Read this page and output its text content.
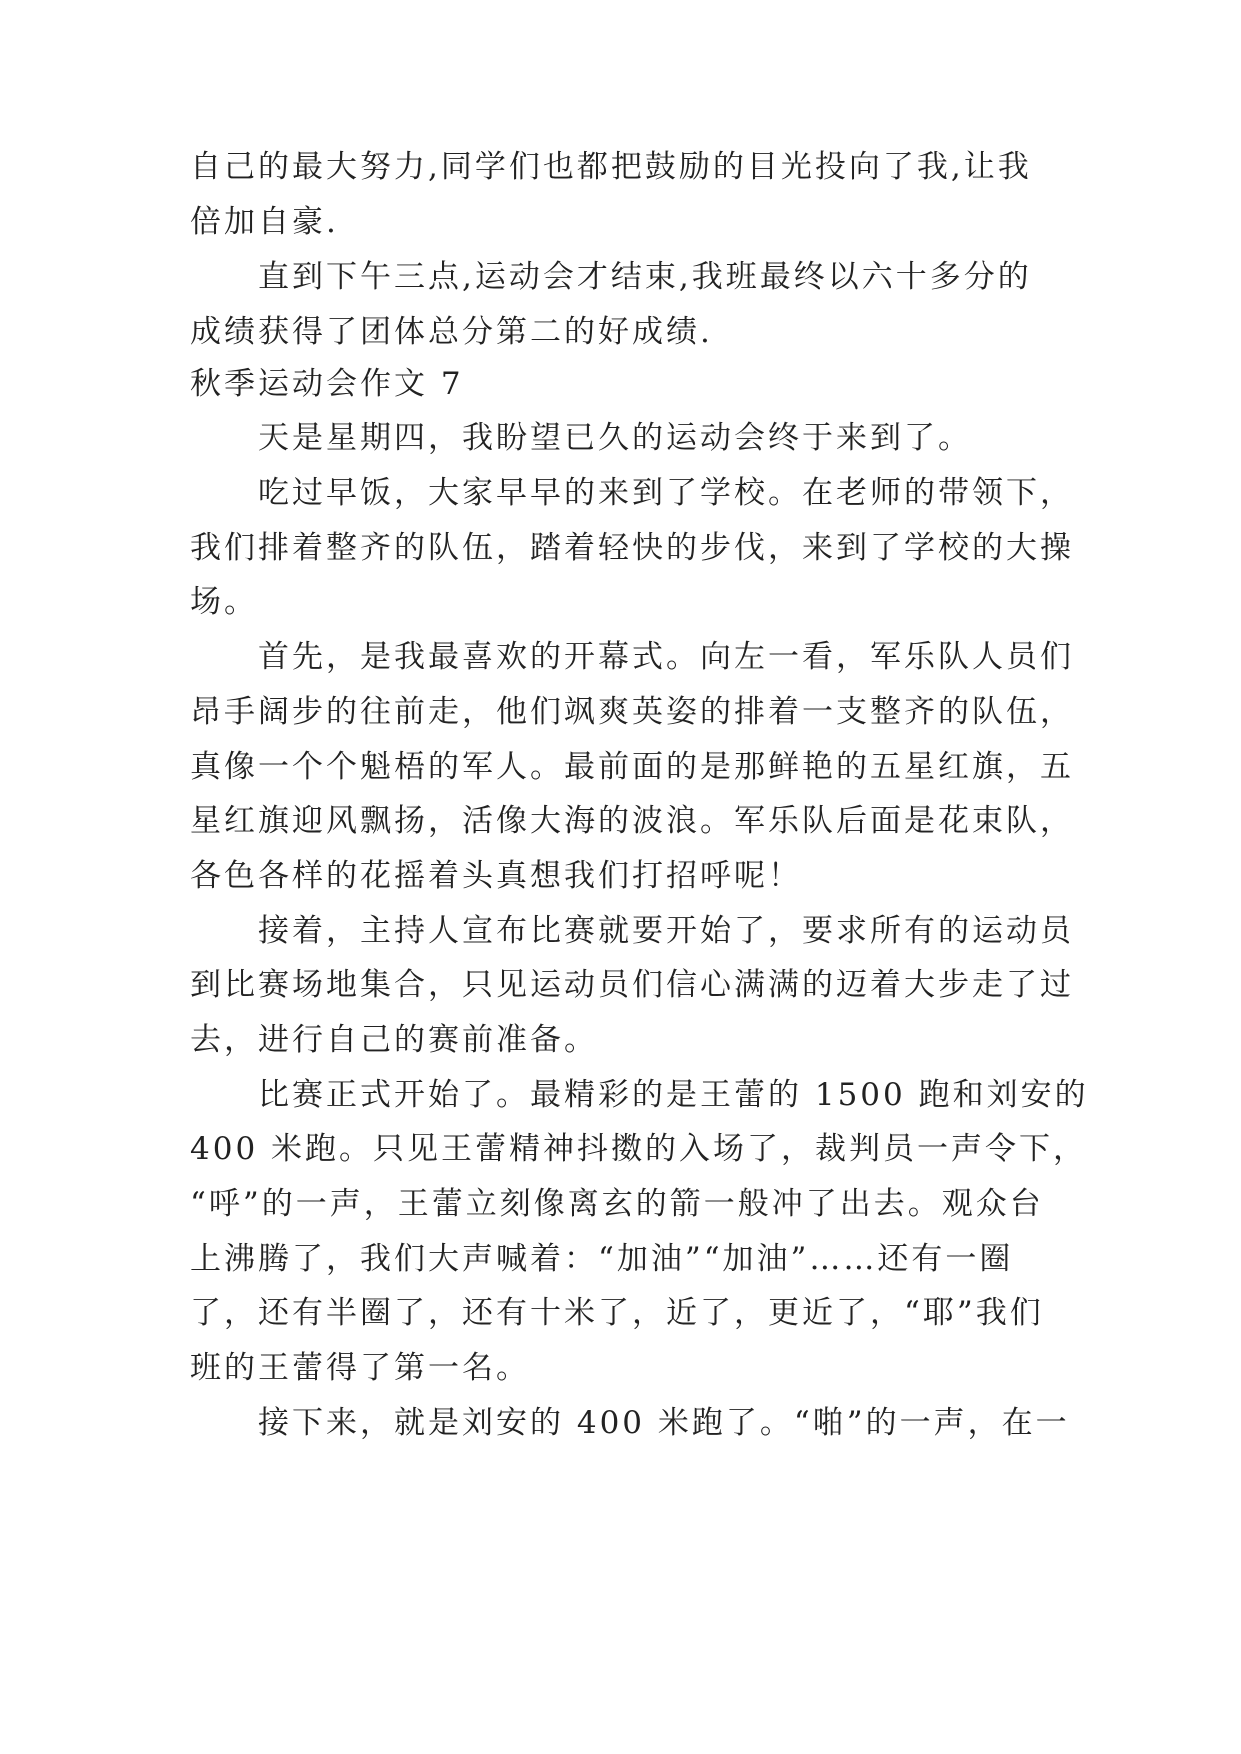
自己的最大努力,同学们也都把鼓励的目光投向了我,让我
倍加自豪.
直到下午三点,运动会才结束,我班最终以六十多分的
成绩获得了团体总分第二的好成绩.
秋季运动会作文 7
天是星期四，我盼望已久的运动会终于来到了。
吃过早饭，大家早早的来到了学校。在老师的带领下，
我们排着整齐的队伍，踏着轻快的步伐，来到了学校的大操
场。
首先，是我最喜欢的开幕式。向左一看，军乐队人员们
昂手阔步的往前走，他们飒爽英姿的排着一支整齐的队伍，
真像一个个魁梧的军人。最前面的是那鲜艳的五星红旗，五
星红旗迎风飘扬，活像大海的波浪。军乐队后面是花束队，
各色各样的花摇着头真想我们打招呼呢！
接着，主持人宣布比赛就要开始了，要求所有的运动员
到比赛场地集合，只见运动员们信心满满的迈着大步走了过
去，进行自己的赛前准备。
比赛正式开始了。最精彩的是王蕾的 1500 跑和刘安的
400 米跑。只见王蕾精神抖擞的入场了，裁判员一声令下，
“呼”的一声，王蕾立刻像离玄的箭一般冲了出去。观众台
上沸腾了，我们大声喊着：“加油”“加油”……还有一圈
了，还有半圈了，还有十米了，近了，更近了，“耶”我们
班的王蕾得了第一名。
接下来，就是刘安的 400 米跑了。“啪”的一声，在一
